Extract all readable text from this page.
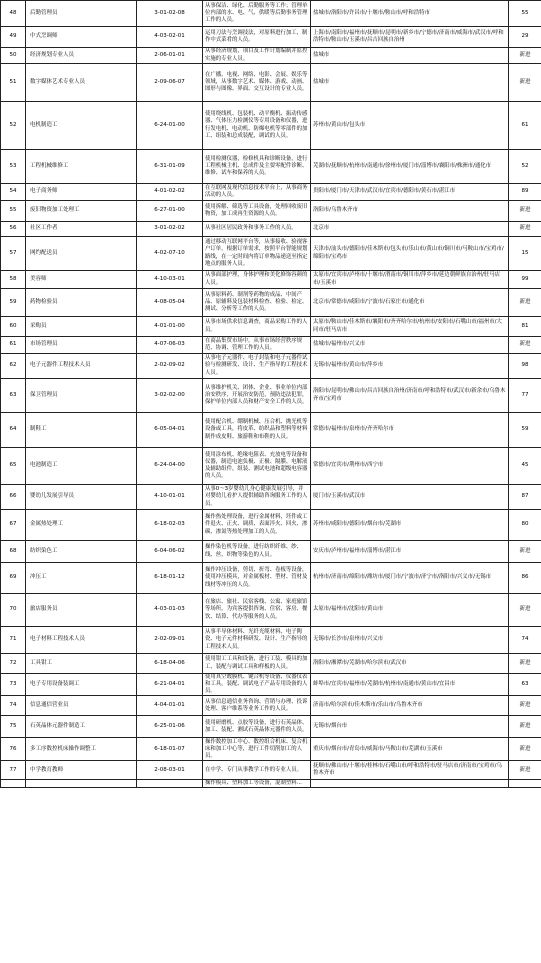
48	后勤管理员	3-01-02-08	从事保洁、绿化、后勤服务等工作；管理单位内部的水、电、气、供暖等后勤事务管理工作的人员。	盐城市/洛阳市/许昌市/十堰市/鞍山市/呼和浩特市	55
49	中式烹调师	4-03-02-01	运用刀法与烹调技法，对原料进行加工，制作中式菜肴的人员。	上海市/南阳市/福州市/抚顺市/昆明市/新乡市/宁德市/济南市/威海市/武汉市/呼和浩特市/鞍山市/玉溪市/昌吉回族自治州	29
50	经济规划专业人员	2-06-01-01	从事经济规划，项目及工作计划编制并监控实施的专业人员。	盐城市	新进
51	数字媒体艺术专业人员	2-09-06-07	在广播、电视、网络、电影、会展、娱乐等领域，从事数字艺术、媒体、游戏、动画、图形与图像、界面、交互设计的专业人员。	盐城市	新进
52	电机制造工	6-24-01-00	使用绕线机、包装机、动平衡机、振动传感器、气体压力检测仪等专用设备和仪器，进行发电机、电动机、防爆电机等零部件的加工、组装和总成装配，调试的人员。	苏州市/黄山市/包头市	61
53	工程机械维修工	6-31-01-09	使用检测仪器，检修机具和诊断设备，进行工程机械主机、总成件及主要零配件诊断、维修、试车和保养的人员。	芜湖市/抚顺市/杭州市/南通市/徐州市/厦门市/淄博市/襄阳市/株洲市/通化市	52
54	电子商务师	4-01-02-02	在互联网及现代信息技术平台上，从事商务活动的人员。	贵阳市/厦门市/天津市/武汉市/宜宾市/德阳市/黄石市/湛江市	89
55	废旧物资加工处理工	6-27-01-00	使用拆解、筛选等工具设备，处理回收废旧物资，加工成再生资源的人员。	洛阳市/乌鲁木齐市	新进
56	社区工作者	3-01-02-02	从事社区居民政务和事务工作的人员。	北京市	新进
57	网约配送员	4-02-07-10	通过移动互联网平台等，从事接收、验视客户订单，根据订单需求，按照平台智能规划路线，在一定时间内将订单物品递送至指定地点的服务人员。	天津市/汕头市/德阳市/佳木斯市/包头市/乐山市/黄山市/铜川市/马鞍山市/宝鸡市/绵阳市/宝鸡市	15
58	美容师	4-10-03-01	从事面部护理，身体护理和美化修饰容颜的人员。	太原市/宜宾市/泸州市/十堰市/渭南市/铜川市/萍乡市/延边朝鲜族自治州/驻马店市/玉溪市	99
59	药物检验员	4-08-05-04	从事原料药、制剂等药物的成品、中间产品、原辅料及包装材料检查、检验、检定、测试、分析等工作的人员。	北京市/常德市/咸阳市/宁波市/石家庄市/通化市	新进
60	采购员	4-01-01-00	从事市场供求信息调查，商品采购工作的人员。	太原市/鞍山市/佳木斯市/襄阳市/齐齐哈尔市/杭州市/安阳市/石嘴山市/福州市/大同市/驻马店市	81
61	市场管理员	4-07-06-03	在商品集贸市场中，从事市场经营秩序规范、协调、管理工作的人员。	盐城市/福州市/兴义市	新进
62	电子元器件工程技术人员	2-02-09-02	从事电子元器件、电子封装和电子元器件试验与检测研发、设计、生产指导的工程技术人员。	无锡市/福州市/黄山市/萍乡市	98
63	保卫管理员	3-02-02-00	从事维护机关、团体、企业、事业单位内部治安秩序，开展治安防范，预防违法犯罪，保护单位内部人员和财产安全工作的人员。	洛阳市/昆明市/佛山市/昌吉回族自治州/济南市/呼和浩特市/武汉市/新余市/乌鲁木齐市/宝鸡市	77
64	制鞋工	6-05-04-01	使用配合机、绷制机械、压合机、抛光机等设备或工具，将皮革、纺织品和塑料等材料制作成皮鞋、旅游鞋和布鞋的人员。	常德市/福州市/泉州市/齐齐哈尔市	59
65	电池制造工	6-24-04-00	使用涂布机、绝缘电阻表、充放电等设备和仪器，制造电池负极、正极、隔膜、电解液及辅助组件，组装、测试电池和超级电容器的人员。	常德市/宜宾市/荆州市/西宁市	45
66	婴幼儿发展引导员	4-10-01-01	从事0～3岁婴幼儿身心健康发展引导，并对婴幼儿看护人提供辅助咨询服务工作的人员。	厦门市/玉溪市/武汉市	87
67	金属热处理工	6-18-02-03	操作热处理设备，进行金属材料，坯件或工件退火、正火、调质、表面淬火、回火、渗碳、渗氮等热处理加工的人员。	苏州市/咸阳市/德阳市/烟台市/芜湖市	80
68	纺织染色工	6-04-06-02	操作染色机等设备，进行纺织纤维、纱、线、丝、织物等染色的人员。	安庆市/泸州市/福州市/淄博市/湛江市	新进
69	冲压工	6-18-01-12	操作冲压设备，剪切、折弯、卷板等设备，使用冲压模具，对金属板材、型材、管材及线材等冲压的人员。	杭州市/济南市/绵阳市/潍坊市/厦门市/宁波市/济宁市/洛阳市/兴义市/无锡市	86
70	旅店服务员	4-03-01-03	在旅店、旅社、民宿客栈、公寓、家庭旅馆等场所，为宾客提供咨询、住宿、客房、餐饮、结算、代办等服务的人员。	太原市/福州市/沈阳市/黄山市	新进
71	电子材料工程技术人员	2-02-09-01	从事半导体材料、光纤光缆材料、电子陶瓷、电子元件材料研发、设计、生产指导的工程技术人员。	无锡市/长沙市/泉州市/兴义市	74
72	工具钳工	6-18-04-06	使用钳工工具和设备，进行工装、模具的加工、装配与调试工具和样板的人员。	洛阳市/湘潭市/芜湖市/哈尔滨市/武汉市	新进
73	电子专用设备装调工	6-21-04-01	使用真空镀膜机、键合机等设备、仪器仪表和工具，装配、调试电子产品专用设备的人员。	蚌埠市/宜宾市/福州市/芜湖市/杭州市/南通市/黄山市/宜昌市	63
74	信息通信营业员	4-04-01-01	从事信息通信业务咨询、营销与办理、投诉处理、客户维系等业务工作的人员。	济南市/哈尔滨市/佳木斯市/乐山市/乌鲁木齐市	新进
75	石英晶体元器件制造工	6-25-01-06	使用研磨机、点胶等设备，进行石英晶体、加工、装配、测试石英晶体元器件的人员。	无锡市/烟台市	新进
76	多工序数控机床操作调整工	6-18-01-07	操作数控加工中心、数控组合机床、复合机床和加工中心等，进行工件切削加工的人员。	重庆市/烟台市/青岛市/威海市/马鞍山市/芜湖市/玉溪市	新进
77	中学教育教师	2-08-03-01	在中学、专门从事教学工作的专业人员。	抚顺市/佛山市/十堰市/桂林市/石嘴山市/呼和浩特市/驻马店市/济南市/宝鸡市/乌鲁木齐市	新进
			操作模具、塑料加工等设备，混制塑料...		
